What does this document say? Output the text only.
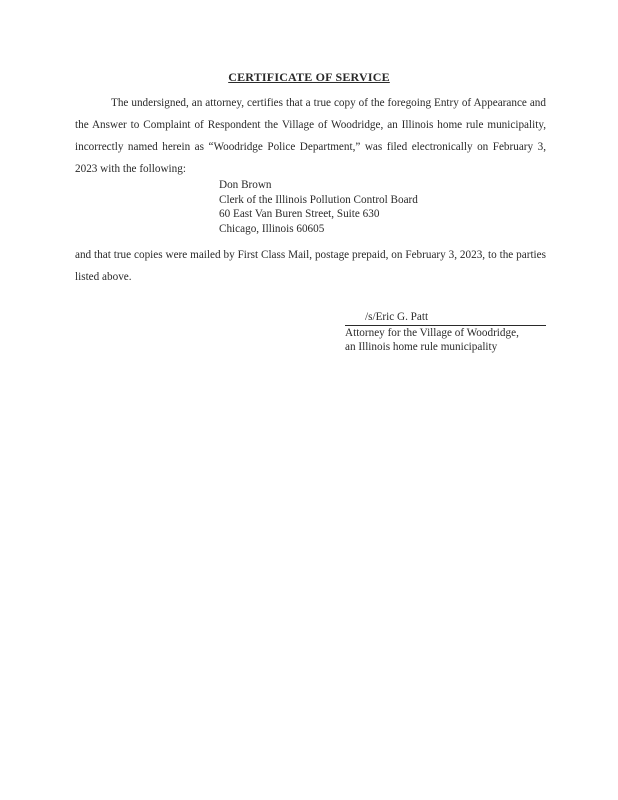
CERTIFICATE OF SERVICE

The undersigned, an attorney, certifies that a true copy of the foregoing Entry of Appearance and the Answer to Complaint of Respondent the Village of Woodridge, an Illinois home rule municipality, incorrectly named herein as “Woodridge Police Department,” was filed electronically on February 3, 2023 with the following:

Don Brown
Clerk of the Illinois Pollution Control Board
60 East Van Buren Street, Suite 630
Chicago, Illinois 60605

and that true copies were mailed by First Class Mail, postage prepaid, on February 3, 2023, to the parties listed above.

/s/Eric G. Patt
Attorney for the Village of Woodridge,
an Illinois home rule municipality
